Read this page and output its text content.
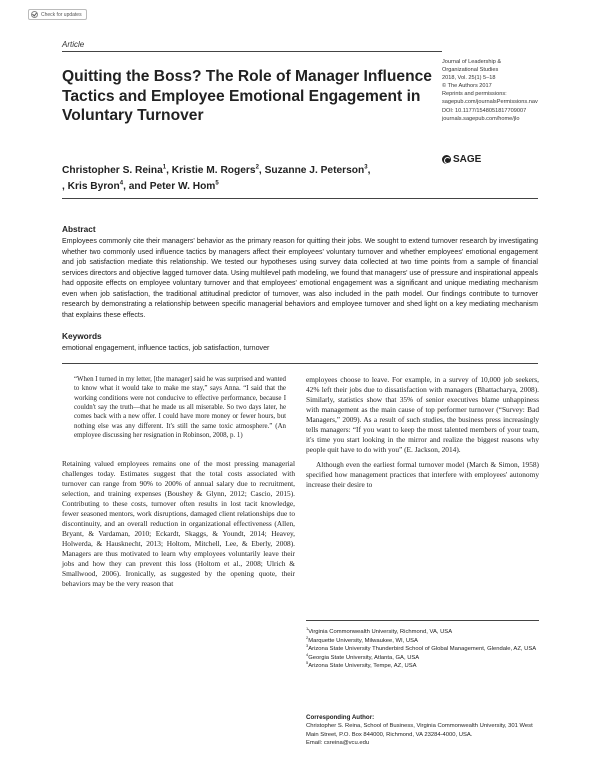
Check for updates
Article
Quitting the Boss? The Role of Manager Influence Tactics and Employee Emotional Engagement in Voluntary Turnover
Journal of Leadership &
Organizational Studies
2018, Vol. 25(1) 5–18
© The Authors 2017
Reprints and permissions:
sagepub.com/journalsPermissions.nav
DOI: 10.1177/1548051817709007
journals.sagepub.com/home/jlo
SAGE
Christopher S. Reina$^1$, Kristie M. Rogers$^2$, Suzanne J. Peterson$^3$,
, Kris Byron$^4$, and Peter W. Hom$^5$
Abstract

Employees commonly cite their managers' behavior as the primary reason for quitting their jobs. We sought to extend turnover research by investigating whether two commonly used influence tactics by managers affect their employees' voluntary turnover and whether employees' emotional engagement and job satisfaction mediate this relationship. We tested our hypotheses using survey data collected at two time points from a sample of financial services directors and objective lagged turnover data. Using multilevel path modeling, we found that managers' use of pressure and inspirational appeals had opposite effects on employee voluntary turnover and that employees' emotional engagement was a significant and unique mediating mechanism even when job satisfaction, the traditional attitudinal predictor of turnover, was also included in the path model. Our findings contribute to turnover research by demonstrating a relationship between specific managerial behaviors and employee turnover and shed light on a key mediating mechanism that explains these effects.

Keywords

emotional engagement, influence tactics, job satisfaction, turnover

“When I turned in my letter, [the manager] said he was surprised and wanted to know what it would take to make me stay,” says Anna. “I said that the working conditions were not conducive to effective performance, because I couldn't say the truth—that he made us all miserable. So two days later, he comes back with a new offer. I could have more money or fewer hours, but nothing else was any different. It's still the same toxic atmosphere.” (An employee discussing her resignation in Robinson, 2008, p. 1)

Retaining valued employees remains one of the most pressing managerial challenges today. Estimates suggest that the total costs associated with turnover can range from 90% to 200% of annual salary due to recruitment, selection, and training expenses (Boushey & Glynn, 2012; Cascio, 2015). Contributing to these costs, turnover often results in lost tacit knowledge, fewer seasoned mentors, work disruptions, damaged client relationships due to discontinuity, and an overall reduction in organizational effectiveness (Allen, Bryant, & Vardaman, 2010; Eckardt, Skaggs, & Youndt, 2014; Heavey, Holwerda, & Hausknecht, 2013; Holtom, Mitchell, Lee, & Eberly, 2008). Managers are thus motivated to learn why employees voluntarily leave their jobs and how they can prevent this loss (Holtom et al., 2008; Ulrich & Smallwood, 2006). Ironically, as suggested by the opening quote, their behaviors may be the very reason that

employees choose to leave. For example, in a survey of 10,000 job seekers, 42% left their jobs due to dissatisfaction with managers (Bhattacharya, 2008). Similarly, statistics show that 35% of senior executives blame unhappiness with management as the main cause of top performer turnover (“Survey: Bad Managers,” 2009). As a result of such studies, the business press increasingly tells managers: “If you want to keep the most talented members of your team, it's time you start looking in the mirror and realize the biggest reasons why people quit have to do with you” (E. Jackson, 2014).

Although even the earliest formal turnover model (March & Simon, 1958) specified how management practices that interfere with employees' autonomy increase their desire to

$^1$Virginia Commonwealth University, Richmond, VA, USA
$^2$Marquette University, Milwaukee, WI, USA
$^3$Arizona State University Thunderbird School of Global Management, Glendale, AZ, USA
$^4$Georgia State University, Atlanta, GA, USA
$^5$Arizona State University, Tempe, AZ, USA
Corresponding Author:
Christopher S. Reina, School of Business, Virginia Commonwealth University, 301 West Main Street, P.O. Box 844000, Richmond, VA 23284-4000, USA.
Email: csreina@vcu.edu
